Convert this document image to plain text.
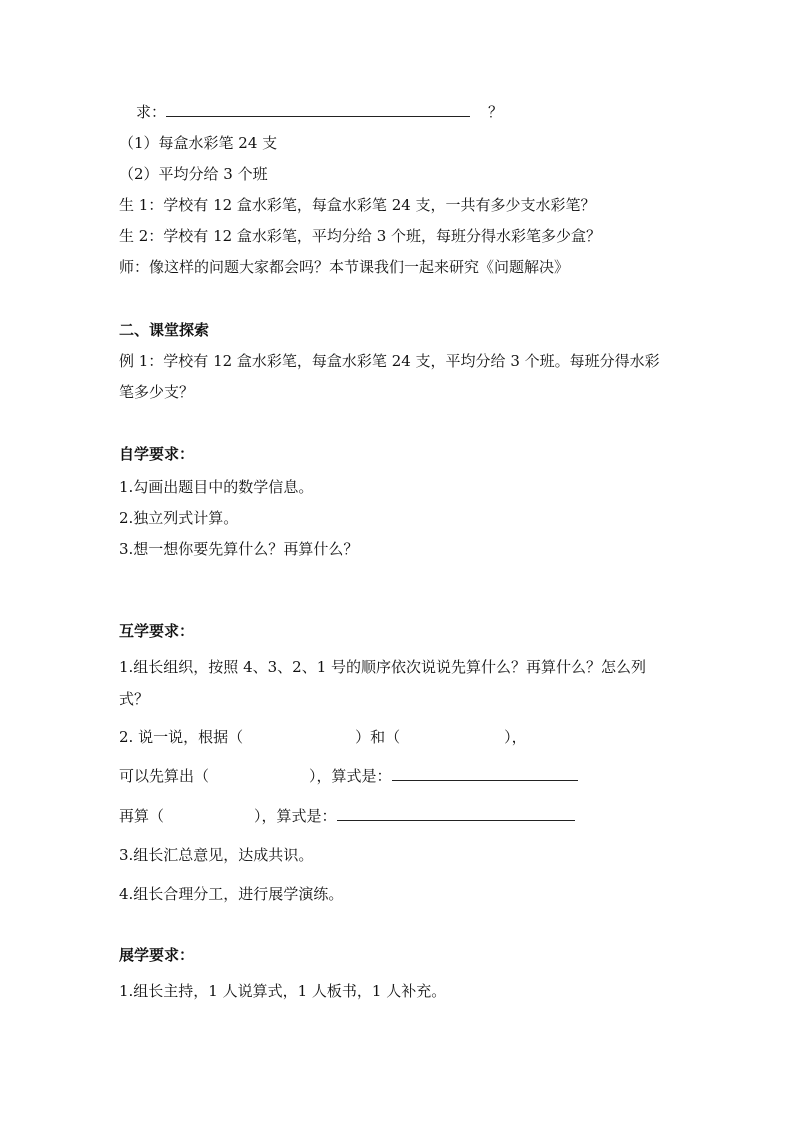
求：	？
（1）每盒水彩笔 24 支
（2）平均分给 3 个班
生 1：学校有 12 盒水彩笔，每盒水彩笔 24 支，一共有多少支水彩笔？
生 2：学校有 12 盒水彩笔，平均分给 3 个班，每班分得水彩笔多少盒？
师：像这样的问题大家都会吗？本节课我们一起来研究《问题解决》
二、课堂探索
例 1：学校有 12 盒水彩笔，每盒水彩笔 24 支，平均分给 3 个班。每班分得水彩
笔多少支？
自学要求：
1.勾画出题目中的数学信息。
2.独立列式计算。
3.想一想你要先算什么？再算什么？
互学要求：
1.组长组织，按照 4、3、2、1 号的顺序依次说说先算什么？再算什么？怎么列
式？
2. 说一说，根据（	）和（	），
可以先算出（	），算式是：
再算（	），算式是：
3.组长汇总意见，达成共识。
4.组长合理分工，进行展学演练。
展学要求：
1.组长主持，1 人说算式，1 人板书，1 人补充。
